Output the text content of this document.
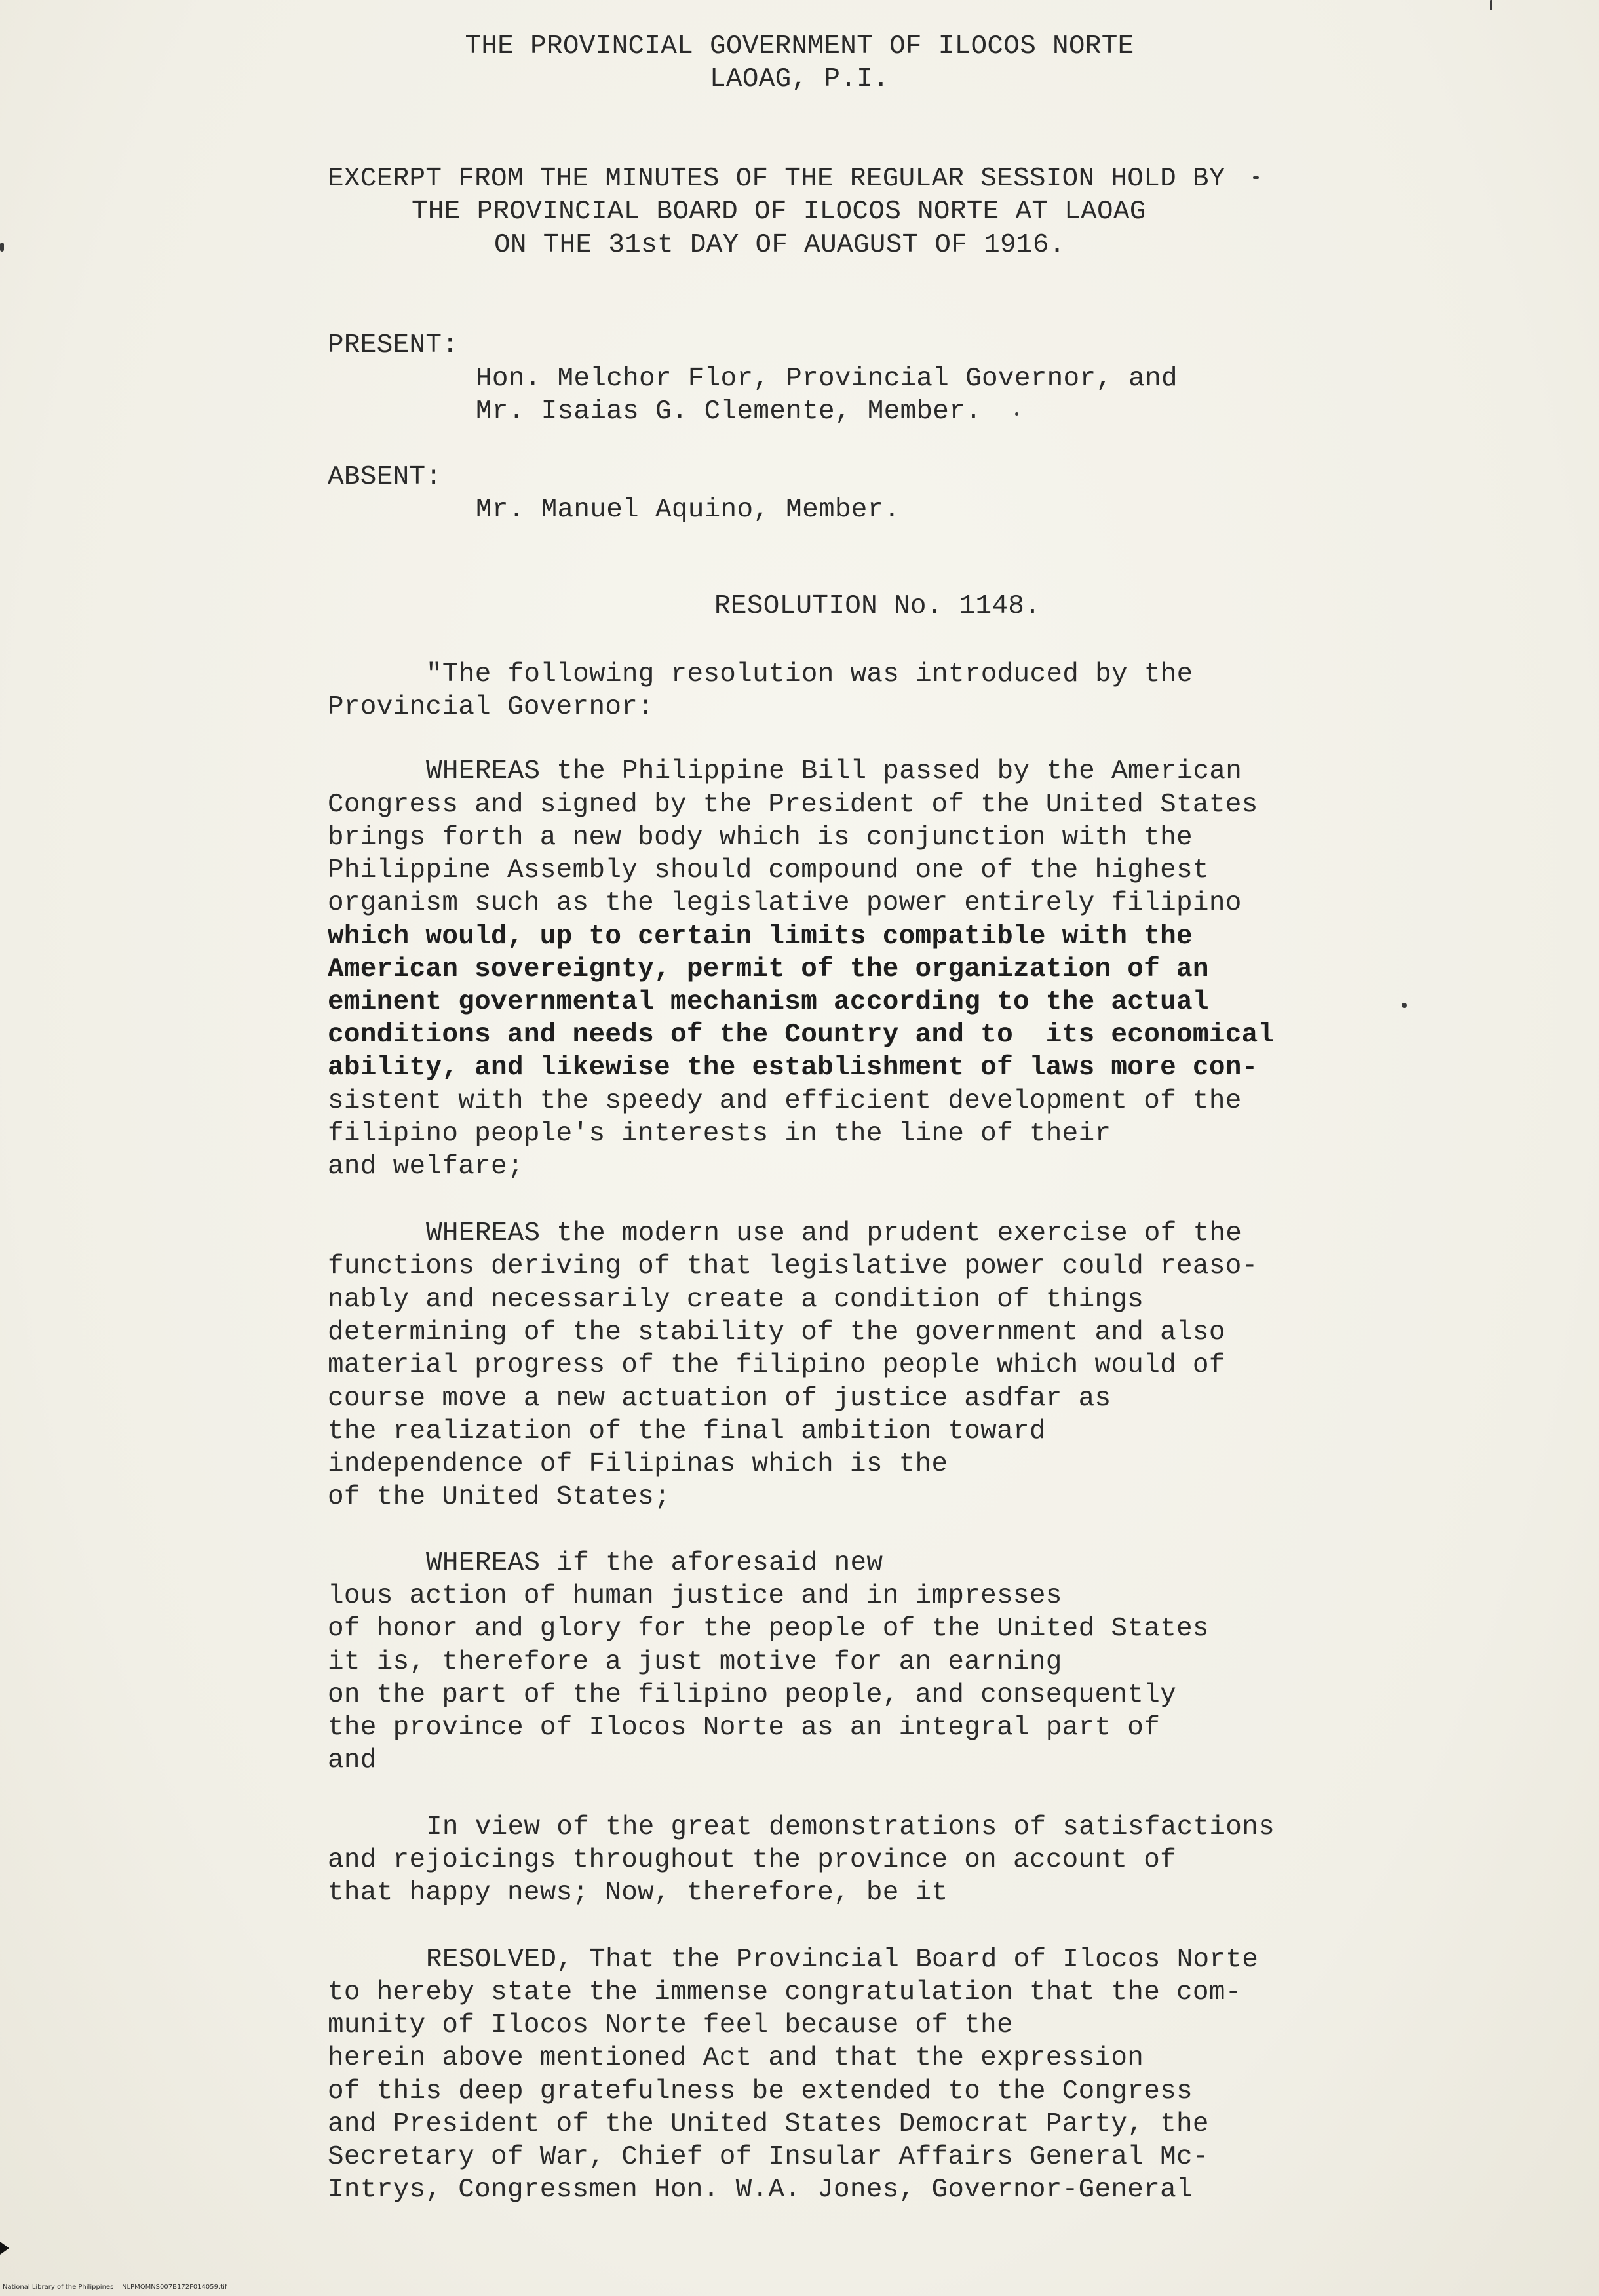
THE PROVINCIAL GOVERNMENT OF ILOCOS NORTE
LAOAG, P.I.
EXCERPT FROM THE MINUTES OF THE REGULAR SESSION HOLD BY
THE PROVINCIAL BOARD OF ILOCOS NORTE AT LAOAG
ON THE 31st DAY OF AUAGUST OF 1916.
PRESENT:
Hon. Melchor Flor, Provincial Governor, and
Mr. Isaias G. Clemente, Member.
ABSENT:
Mr. Manuel Aquino, Member.
RESOLUTION No. 1148.
"The following resolution was introduced by the
Provincial Governor:
WHEREAS the Philippine Bill passed by the American
Congress and signed by the President of the United States
brings forth a new body which is conjunction with the
Philippine Assembly should compound one of the highest
organism such as the legislative power entirely filipino
which would, up to certain limits compatible with the
American sovereignty, permit of the organization of an
eminent governmental mechanism according to the actual
conditions and needs of the Country and to  its economical
ability, and likewise the establishment of laws more con-
sistent with the speedy and efficient development of the
filipino people's interests in the line of their
and welfare;
WHEREAS the modern use and prudent exercise of the
functions deriving of that legislative power could reaso-
nably and necessarily create a condition of things
determining of the stability of the government and also
material progress of the filipino people which would of
course move a new actuation of justice asdfar as
the realization of the final ambition toward
independence of Filipinas which is the
of the United States;
WHEREAS if the aforesaid new
lous action of human justice and in impresses
of honor and glory for the people of the United States
it is, therefore a just motive for an earning
on the part of the filipino people, and consequently
the province of Ilocos Norte as an integral part of
and
In view of the great demonstrations of satisfactions
and rejoicings throughout the province on account of
that happy news; Now, therefore, be it
RESOLVED, That the Provincial Board of Ilocos Norte
to hereby state the immense congratulation that the com-
munity of Ilocos Norte feel because of the
herein above mentioned Act and that the expression
of this deep gratefulness be extended to the Congress
and President of the United States Democrat Party, the
Secretary of War, Chief of Insular Affairs General Mc-
Intrys, Congressmen Hon. W.A. Jones, Governor-General
National Library of the Philippines    NLPMQMNS007B172F014059.tif
